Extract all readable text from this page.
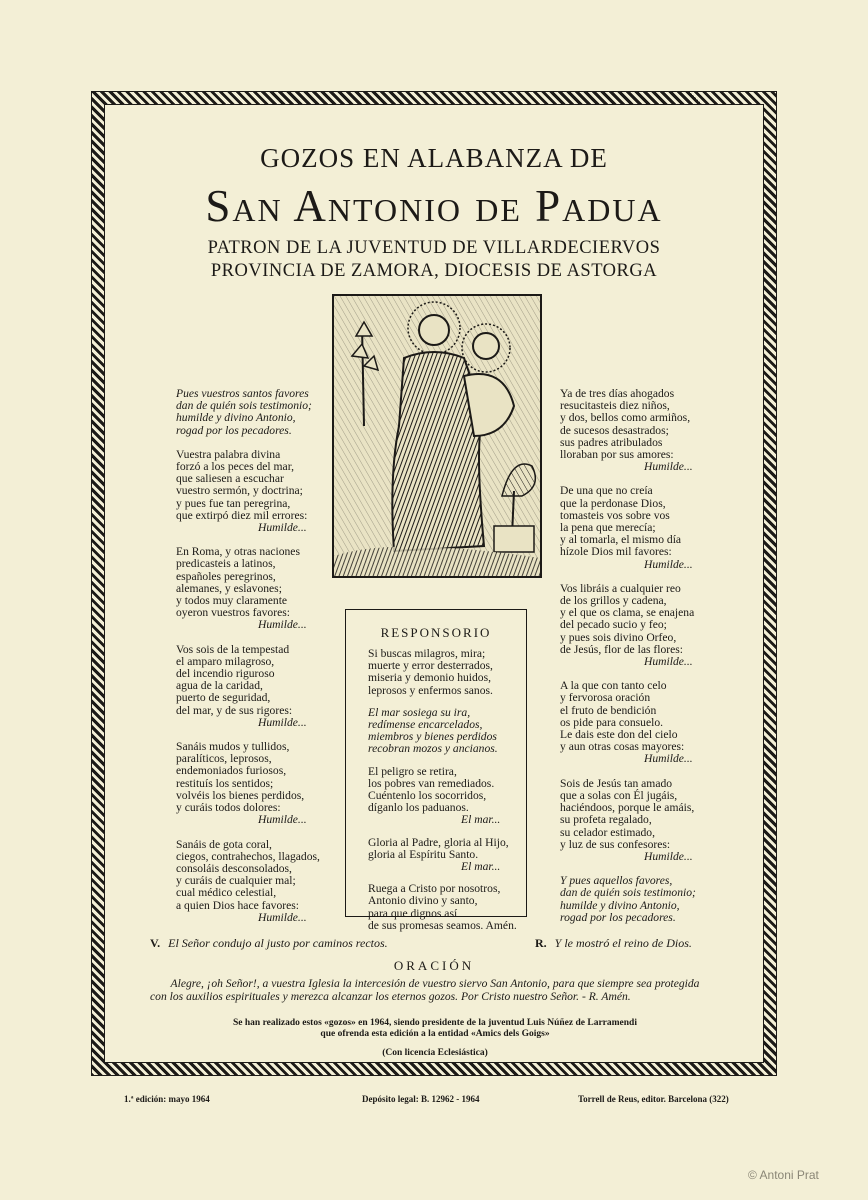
GOZOS EN ALABANZA DE
San Antonio de Padua
PATRON DE LA JUVENTUD DE VILLARDECIERVOS
PROVINCIA DE ZAMORA, DIOCESIS DE ASTORGA
Pues vuestros santos favores
dan de quién sois testimonio;
humilde y divino Antonio,
rogad por los pecadores.
Vuestra palabra divina
forzó a los peces del mar,
que saliesen a escuchar
vuestro sermón, y doctrina;
y pues fue tan peregrina,
que extirpó diez mil errores:
Humilde...
En Roma, y otras naciones
predicasteis a latinos,
españoles peregrinos,
alemanes, y eslavones;
y todos muy claramente
oyeron vuestros favores:
Humilde...
Vos sois de la tempestad
el amparo milagroso,
del incendio riguroso
agua de la caridad,
puerto de seguridad,
del mar, y de sus rigores:
Humilde...
Sanáis mudos y tullidos,
paralíticos, leprosos,
endemoniados furiosos,
restituís los sentidos;
volvéis los bienes perdidos,
y curáis todos dolores:
Humilde...
Sanáis de gota coral,
ciegos, contrahechos, llagados,
consoláis desconsolados,
y curáis de cualquier mal;
cual médico celestial,
a quien Dios hace favores:
Humilde...
Ya de tres días ahogados
resucitasteis diez niños,
y dos, bellos como armiños,
de sucesos desastrados;
sus padres atribulados
lloraban por sus amores:
Humilde...
De una que no creía
que la perdonase Dios,
tomasteis vos sobre vos
la pena que merecía;
y al tomarla, el mismo día
hízole Dios mil favores:
Humilde...
Vos libráis a cualquier reo
de los grillos y cadena,
y el que os clama, se enajena
del pecado sucio y feo;
y pues sois divino Orfeo,
de Jesús, flor de las flores:
Humilde...
A la que con tanto celo
y fervorosa oración
el fruto de bendición
os pide para consuelo.
Le dais este don del cielo
y aun otras cosas mayores:
Humilde...
Sois de Jesús tan amado
que a solas con Él jugáis,
haciéndoos, porque le amáis,
su profeta regalado,
su celador estimado,
y luz de sus confesores:
Humilde...
Y pues aquellos favores,
dan de quién sois testimonio;
humilde y divino Antonio,
rogad por los pecadores.
RESPONSORIO
Si buscas milagros, mira;
muerte y error desterrados,
miseria y demonio huidos,
leprosos y enfermos sanos.
El mar sosiega su ira,
redímense encarcelados,
miembros y bienes perdidos
recobran mozos y ancianos.
El peligro se retira,
los pobres van remediados.
Cuéntenlo los socorridos,
díganlo los paduanos.
El mar...
Gloria al Padre, gloria al Hijo,
gloria al Espíritu Santo.
El mar...
Ruega a Cristo por nosotros,
Antonio divino y santo,
para que dignos así
de sus promesas seamos. Amén.
V. El Señor condujo al justo por caminos rectos.	R. Y le mostró el reino de Dios.
ORACIÓN
Alegre, ¡oh Señor!, a vuestra Iglesia la intercesión de vuestro siervo San Antonio, para que siempre sea protegida
con los auxilios espirituales y merezca alcanzar los eternos gozos. Por Cristo nuestro Señor. - R. Amén.
Se han realizado estos «gozos» en 1964, siendo presidente de la juventud Luis Núñez de Larramendi
que ofrenda esta edición a la entidad «Amics dels Goigs»
(Con licencia Eclesiástica)
1.ª edición: mayo 1964	Depósito legal: B. 12962 - 1964	Torrell de Reus, editor. Barcelona (322)
© Antoni Prat
